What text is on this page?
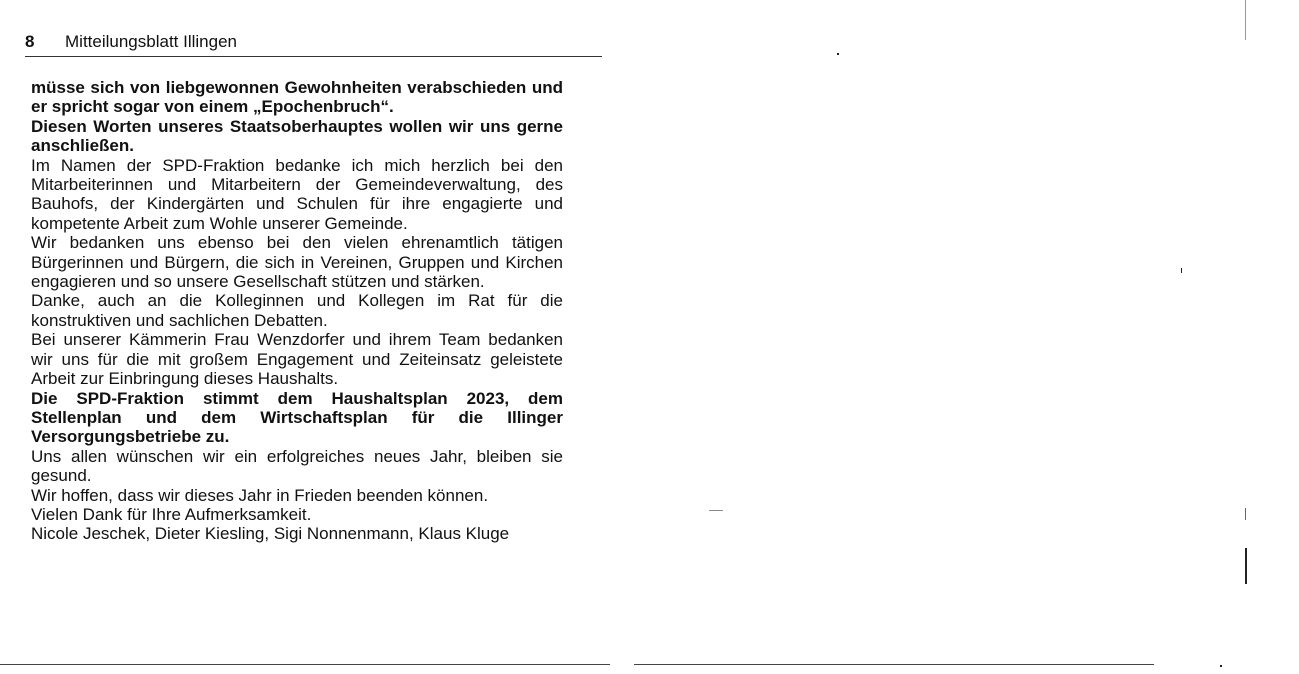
8 Mitteilungsblatt Illingen

müsse sich von liebgewonnen Gewohnheiten verabschieden und er spricht sogar von einem „Epochenbruch“.

Diesen Worten unseres Staatsoberhauptes wollen wir uns gerne anschließen.

Im Namen der SPD-Fraktion bedanke ich mich herzlich bei den Mitarbeiterinnen und Mitarbeitern der Gemeindeverwaltung, des Bauhofs, der Kindergärten und Schulen für ihre engagierte und kompetente Arbeit zum Wohle unserer Gemeinde.

Wir bedanken uns ebenso bei den vielen ehrenamtlich tätigen Bürgerinnen und Bürgern, die sich in Vereinen, Gruppen und Kirchen engagieren und so unsere Gesellschaft stützen und stärken.

Danke, auch an die Kolleginnen und Kollegen im Rat für die konstruktiven und sachlichen Debatten.

Bei unserer Kämmerin Frau Wenzdorfer und ihrem Team bedanken wir uns für die mit großem Engagement und Zeiteinsatz geleistete Arbeit zur Einbringung dieses Haushalts.

Die SPD-Fraktion stimmt dem Haushaltsplan 2023, dem Stellenplan und dem Wirtschaftsplan für die Illinger Versorgungsbetriebe zu.

Uns allen wünschen wir ein erfolgreiches neues Jahr, bleiben sie gesund.

Wir hoffen, dass wir dieses Jahr in Frieden beenden können.

Vielen Dank für Ihre Aufmerksamkeit.

Nicole Jeschek, Dieter Kiesling, Sigi Nonnenmann, Klaus Kluge
